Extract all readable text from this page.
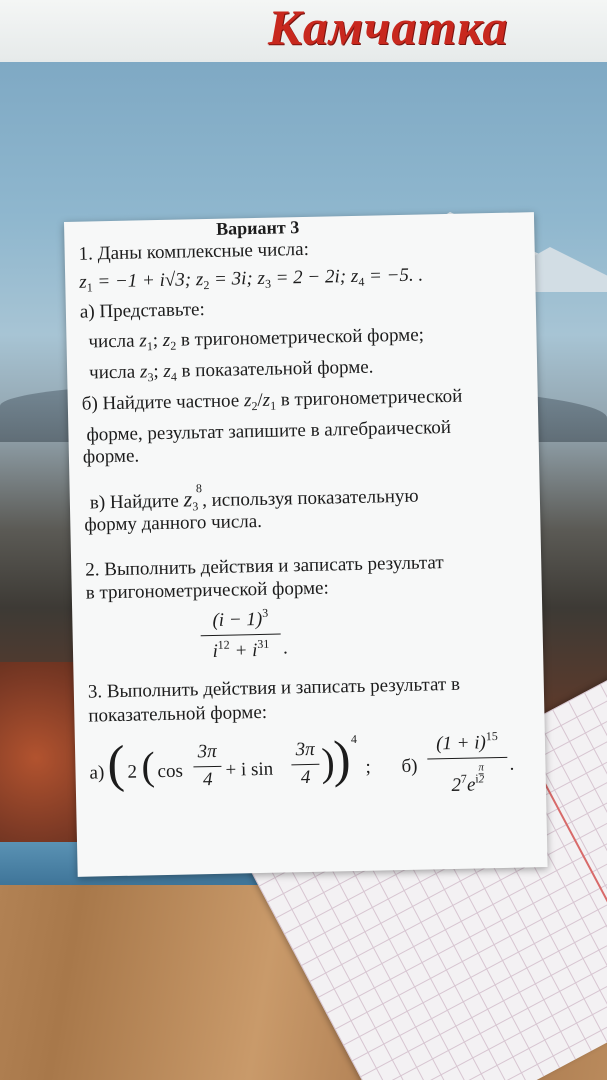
Камчатка
Вариант 3
1. Даны комплексные числа:
$z_1 = -1 + i√3$; $z_2 = 3i$; $z_3 = 2 - 2i$; $z_4 = -5$. .
а) Представьте:
числа $z_1$; $z_2$ в тригонометрической форме;
числа $z_3$; $z_4$ в показательной форме.
б) Найдите частное $z_2/z_1$ в тригонометрической
форме, результат запишите в алгебраической
форме.
в) Найдите $z_3^8$, используя показательную
форму данного числа.
2. Выполнить действия и записать результат
в тригонометрической форме:
$(i - 1)^3$
$i^{12} + i^{31}$ .
3. Выполнить действия и записать результат в
показательной форме:
а) ( 2 ( cos
3π
4 + i sin
3π
4 )
) 4
; б)
$(1 + i)^{15}$
$2^7e^i \frac{\pi}{2}$ .
